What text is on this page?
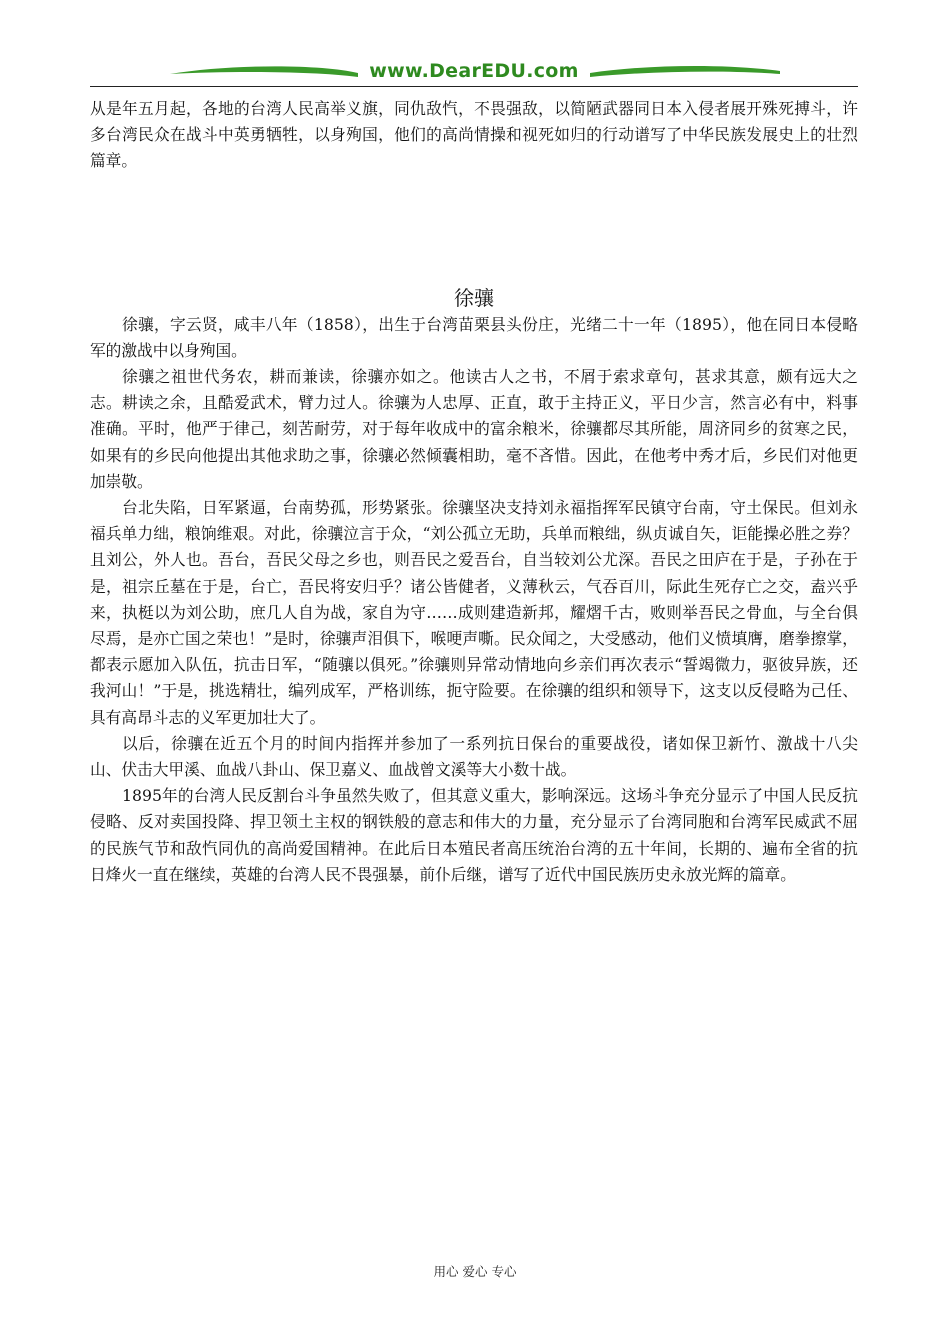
www.DearEDU.com

从是年五月起，各地的台湾人民高举义旗，同仇敌忾，不畏强敌，以简陋武器同日本入侵者展开殊死搏斗，许多台湾民众在战斗中英勇牺牲，以身殉国，他们的高尚情操和视死如归的行动谱写了中华民族发展史上的壮烈篇章。

徐骧

徐骧，字云贤，咸丰八年（1858），出生于台湾苗栗县头份庄，光绪二十一年（1895），他在同日本侵略军的激战中以身殉国。

徐骧之祖世代务农，耕而兼读，徐骧亦如之。他读古人之书，不屑于索求章句，甚求其意，颇有远大之志。耕读之余，且酷爱武术，臂力过人。徐骧为人忠厚、正直，敢于主持正义，平日少言，然言必有中，料事准确。平时，他严于律己，刻苦耐劳，对于每年收成中的富余粮米，徐骧都尽其所能，周济同乡的贫寒之民，如果有的乡民向他提出其他求助之事，徐骧必然倾囊相助，毫不吝惜。因此，在他考中秀才后，乡民们对他更加崇敬。

台北失陷，日军紧逼，台南势孤，形势紧张。徐骧坚决支持刘永福指挥军民镇守台南，守土保民。但刘永福兵单力绌，粮饷维艰。对此，徐骧泣言于众，“刘公孤立无助，兵单而粮绌，纵贞诚自矢，讵能操必胜之券？且刘公，外人也。吾台，吾民父母之乡也，则吾民之爱吾台，自当较刘公尤深。吾民之田庐在于是，子孙在于是，祖宗丘墓在于是，台亡，吾民将安归乎？诸公皆健者，义薄秋云，气吞百川，际此生死存亡之交，盍兴乎来，执梃以为刘公助，庶几人自为战，家自为守……成则建造新邦，耀熠千古，败则举吾民之骨血，与全台俱尽焉，是亦亡国之荣也！”是时，徐骧声泪俱下，喉哽声嘶。民众闻之，大受感动，他们义愤填膺，磨拳擦掌，都表示愿加入队伍，抗击日军，“随骧以俱死。”徐骧则异常动情地向乡亲们再次表示“誓竭微力，驱彼异族，还我河山！”于是，挑选精壮，编列成军，严格训练，扼守险要。在徐骧的组织和领导下，这支以反侵略为己任、具有高昂斗志的义军更加壮大了。

以后，徐骧在近五个月的时间内指挥并参加了一系列抗日保台的重要战役，诸如保卫新竹、激战十八尖山、伏击大甲溪、血战八卦山、保卫嘉义、血战曾文溪等大小数十战。

1895年的台湾人民反割台斗争虽然失败了，但其意义重大，影响深远。这场斗争充分显示了中国人民反抗侵略、反对卖国投降、捍卫领土主权的钢铁般的意志和伟大的力量，充分显示了台湾同胞和台湾军民威武不屈的民族气节和敌忾同仇的高尚爱国精神。在此后日本殖民者高压统治台湾的五十年间，长期的、遍布全省的抗日烽火一直在继续，英雄的台湾人民不畏强暴，前仆后继，谱写了近代中国民族历史永放光辉的篇章。

用心 爱心 专心
